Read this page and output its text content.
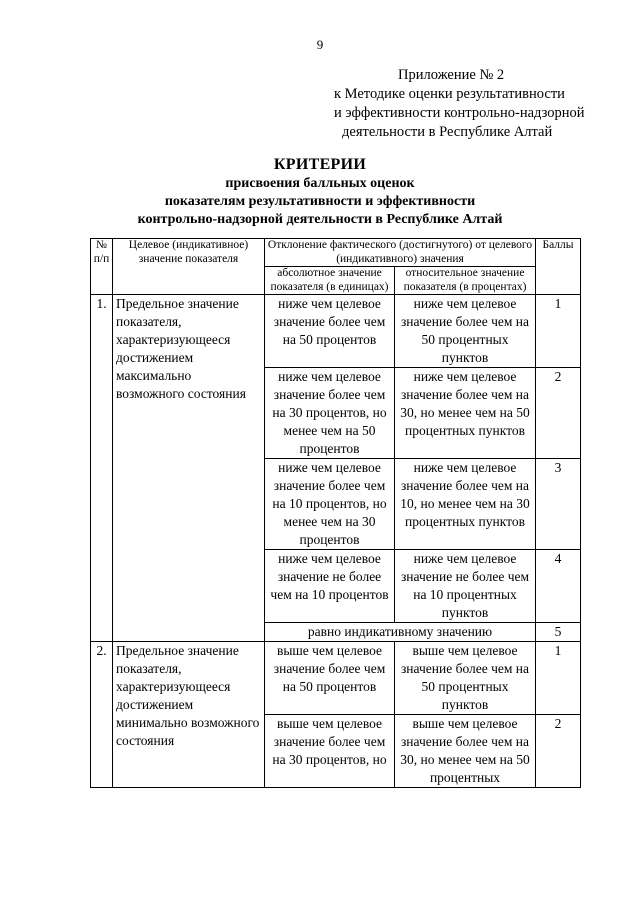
9
Приложение № 2
к Методике оценки результативности
и эффективности контрольно-надзорной
деятельности в Республике Алтай
КРИТЕРИИ
присвоения балльных оценок
показателям результативности и эффективности
контрольно-надзорной деятельности в Республике Алтай
№ п/п	Целевое (индикативное) значение показателя	Отклонение фактического (достигнутого) от целевого (индикативного) значения		Баллы
		абсолютное значение показателя (в единицах)	относительное значение показателя (в процентах)	
1.	Предельное значение показателя, характеризующееся достижением максимально возможного состояния	ниже чем целевое значение более чем на 50 процентов	ниже чем целевое значение более чем на 50 процентных пунктов	1
		ниже чем целевое значение более чем на 30 процентов, но менее чем на 50 процентов	ниже чем целевое значение более чем на 30, но менее чем на 50 процентных пунктов	2
		ниже чем целевое значение более чем на 10 процентов, но менее чем на 30 процентов	ниже чем целевое значение более чем на 10, но менее чем на 30 процентных пунктов	3
		ниже чем целевое значение не более чем на 10 процентов	ниже чем целевое значение не более чем на 10 процентных пунктов	4
		равно индикативному значению		5
2.	Предельное значение показателя, характеризующееся достижением минимально возможного состояния	выше чем целевое значение более чем на 50 процентов	выше чем целевое значение более чем на 50 процентных пунктов	1
		выше чем целевое значение более чем на 30 процентов, но	выше чем целевое значение более чем на 30, но менее чем на 50 процентных	2
